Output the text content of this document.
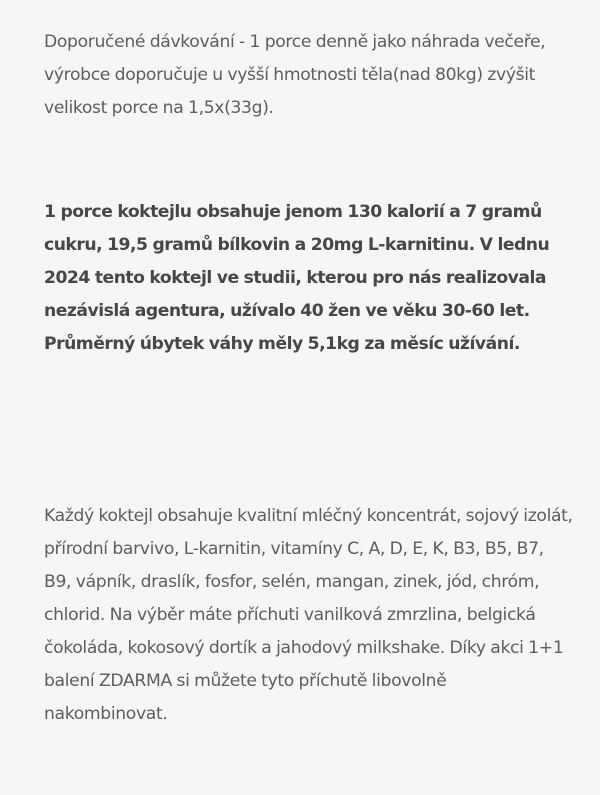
Doporučené dávkování - 1 porce denně jako náhrada večeře, výrobce doporučuje u vyšší hmotnosti těla(nad 80kg) zvýšit velikost porce na 1,5x(33g).

1 porce koktejlu obsahuje jenom 130 kalorií a 7 gramů cukru, 19,5 gramů bílkovin a 20mg L-karnitinu. V lednu 2024 tento koktejl ve studii, kterou pro nás realizovala nezávislá agentura, užívalo 40 žen ve věku 30-60 let. Průměrný úbytek váhy měly 5,1kg za měsíc užívání.

Každý koktejl obsahuje kvalitní mléčný koncentrát, sojový izolát, přírodní barvivo, L-karnitin, vitamíny C, A, D, E, K, B3, B5, B7, B9, vápník, draslík, fosfor, selén, mangan, zinek, jód, chróm, chlorid. Na výběr máte příchuti vanilková zmrzlina, belgická čokoláda, kokosový dortík a jahodový milkshake. Díky akci 1+1 balení ZDARMA si můžete tyto příchutě libovolně nakombinovat.
